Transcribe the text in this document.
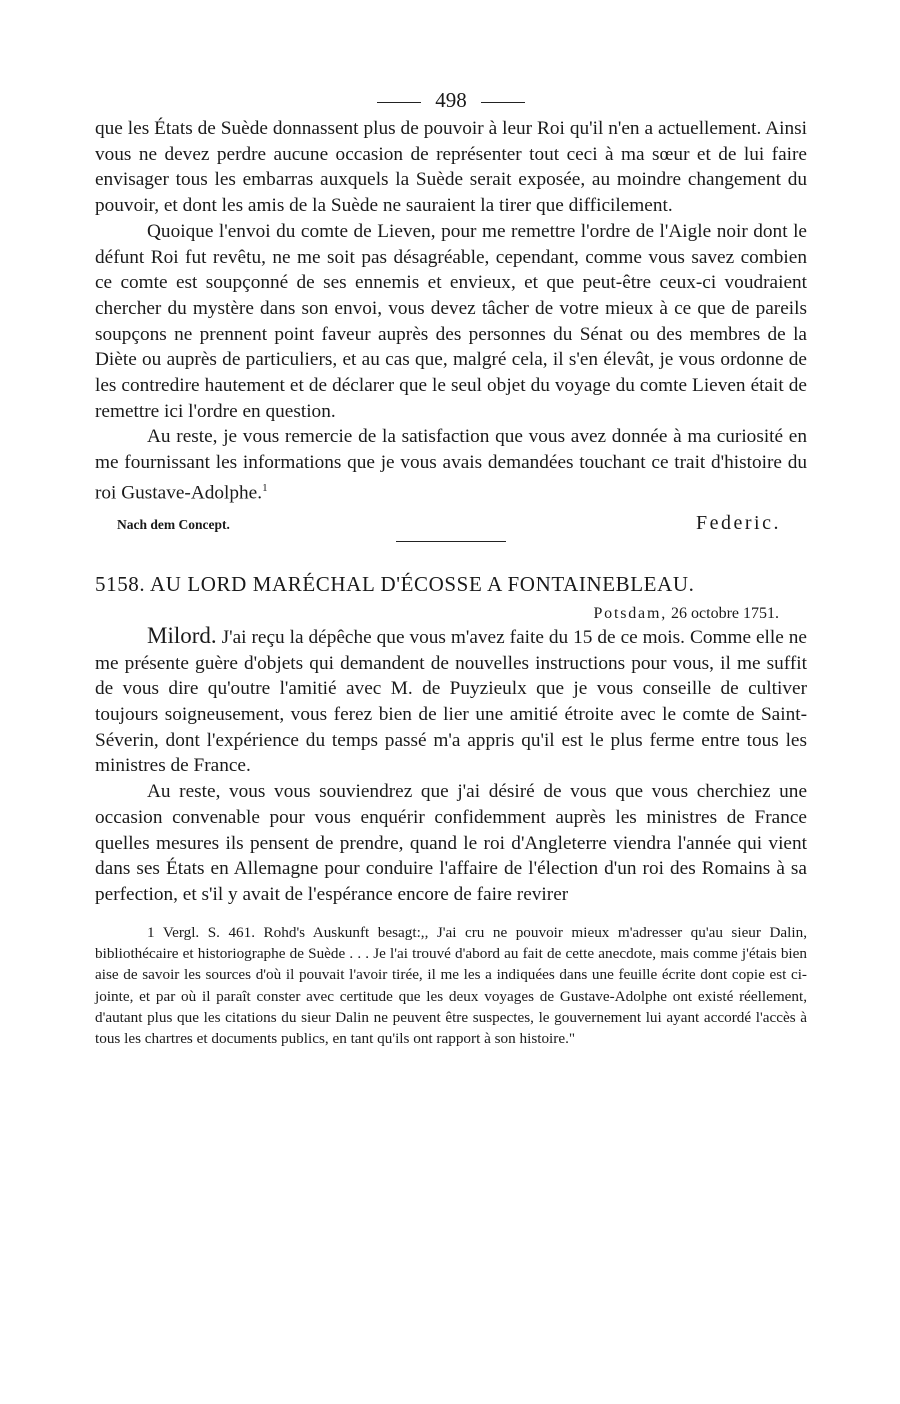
498

que les États de Suède donnassent plus de pouvoir à leur Roi qu'il n'en a actuellement. Ainsi vous ne devez perdre aucune occasion de représenter tout ceci à ma sœur et de lui faire envisager tous les embarras auxquels la Suède serait exposée, au moindre changement du pouvoir, et dont les amis de la Suède ne sauraient la tirer que difficilement.

Quoique l'envoi du comte de Lieven, pour me remettre l'ordre de l'Aigle noir dont le défunt Roi fut revêtu, ne me soit pas désagréable, cependant, comme vous savez combien ce comte est soupçonné de ses ennemis et envieux, et que peut-être ceux-ci voudraient chercher du mystère dans son envoi, vous devez tâcher de votre mieux à ce que de pareils soupçons ne prennent point faveur auprès des personnes du Sénat ou des membres de la Diète ou auprès de particuliers, et au cas que, malgré cela, il s'en élevât, je vous ordonne de les contredire hautement et de déclarer que le seul objet du voyage du comte Lieven était de remettre ici l'ordre en question.

Au reste, je vous remercie de la satisfaction que vous avez donnée à ma curiosité en me fournissant les informations que je vous avais demandées touchant ce trait d'histoire du roi Gustave-Adolphe.$^1$

Nach dem Concept.	Federic.
5158. AU LORD MARÉCHAL D'ÉCOSSE A FONTAINEBLEAU.
Potsdam, 26 octobre 1751.

Milord. J'ai reçu la dépêche que vous m'avez faite du 15 de ce mois. Comme elle ne me présente guère d'objets qui demandent de nouvelles instructions pour vous, il me suffit de vous dire qu'outre l'amitié avec M. de Puyzieulx que je vous conseille de cultiver toujours soigneusement, vous ferez bien de lier une amitié étroite avec le comte de Saint-Séverin, dont l'expérience du temps passé m'a appris qu'il est le plus ferme entre tous les ministres de France.

Au reste, vous vous souviendrez que j'ai désiré de vous que vous cherchiez une occasion convenable pour vous enquérir confidemment auprès les ministres de France quelles mesures ils pensent de prendre, quand le roi d'Angleterre viendra l'année qui vient dans ses États en Allemagne pour conduire l'affaire de l'élection d'un roi des Romains à sa perfection, et s'il y avait de l'espérance encore de faire revirer

1 Vergl. S. 461. Rohd's Auskunft besagt:,, J'ai cru ne pouvoir mieux m'adresser qu'au sieur Dalin, bibliothécaire et historiographe de Suède . . . Je l'ai trouvé d'abord au fait de cette anecdote, mais comme j'étais bien aise de savoir les sources d'où il pouvait l'avoir tirée, il me les a indiquées dans une feuille écrite dont copie est ci-jointe, et par où il paraît conster avec certitude que les deux voyages de Gustave-Adolphe ont existé réellement, d'autant plus que les citations du sieur Dalin ne peuvent être suspectes, le gouvernement lui ayant accordé l'accès à tous les chartres et documents publics, en tant qu'ils ont rapport à son histoire."
